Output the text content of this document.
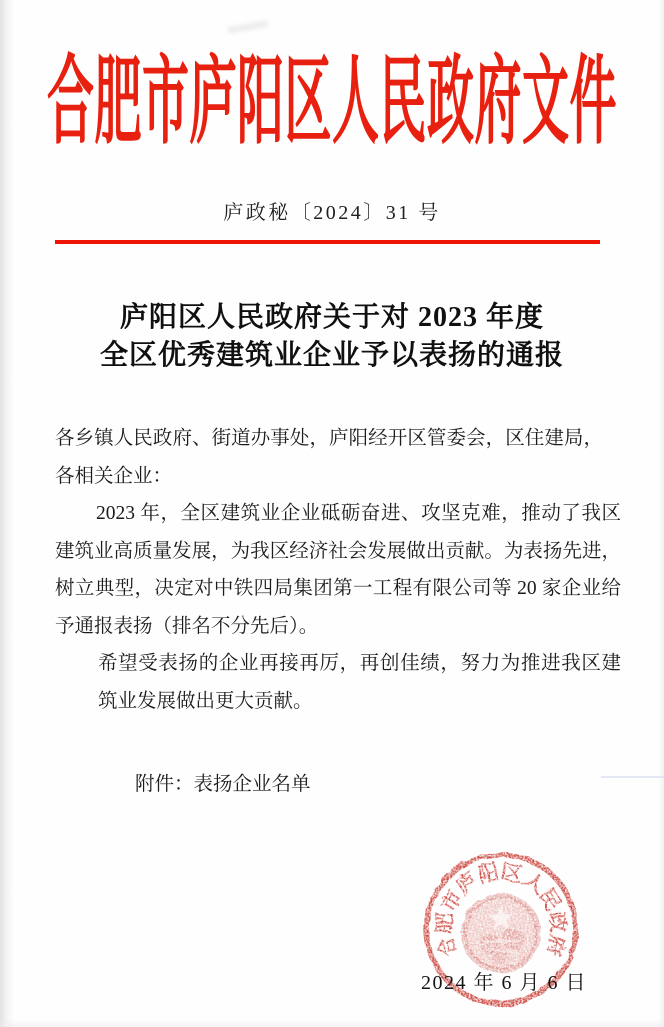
合肥市庐阳区人民政府文件
庐政秘〔2024〕31 号
庐阳区人民政府关于对 2023 年度
全区优秀建筑业企业予以表扬的通报
各乡镇人民政府、街道办事处，庐阳经开区管委会，区住建局，
各相关企业：
2023 年，全区建筑业企业砥砺奋进、攻坚克难，推动了我区
建筑业高质量发展，为我区经济社会发展做出贡献。为表扬先进，
树立典型，决定对中铁四局集团第一工程有限公司等 20 家企业给
予通报表扬（排名不分先后）。
希望受表扬的企业再接再厉，再创佳绩，努力为推进我区建
筑业发展做出更大贡献。
附件：表扬企业名单
合肥市庐阳区人民政府
2024 年 6 月 6 日
